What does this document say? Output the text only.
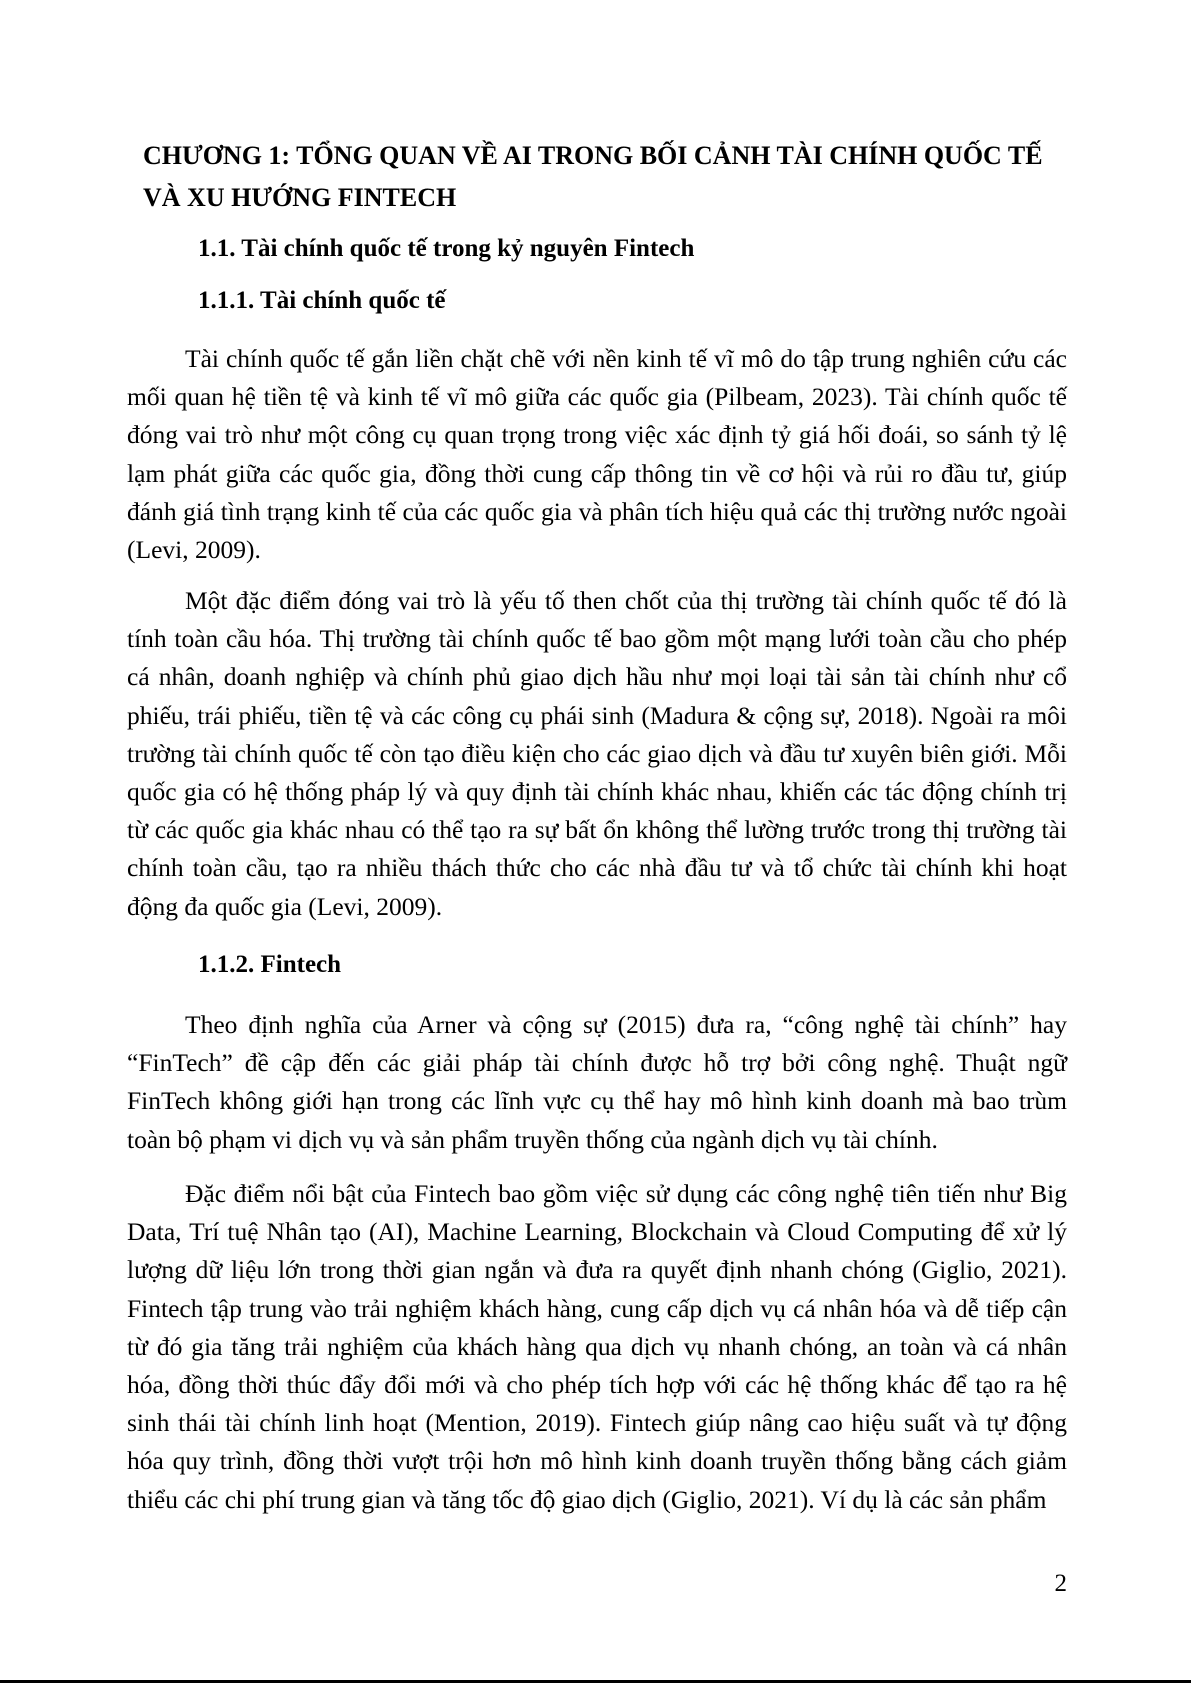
CHƯƠNG 1: TỔNG QUAN VỀ AI TRONG BỐI CẢNH TÀI CHÍNH QUỐC TẾ
VÀ XU HƯỚNG FINTECH
1.1. Tài chính quốc tế trong kỷ nguyên Fintech
1.1.1. Tài chính quốc tế

Tài chính quốc tế gắn liền chặt chẽ với nền kinh tế vĩ mô do tập trung nghiên cứu các mối quan hệ tiền tệ và kinh tế vĩ mô giữa các quốc gia (Pilbeam, 2023). Tài chính quốc tế đóng vai trò như một công cụ quan trọng trong việc xác định tỷ giá hối đoái, so sánh tỷ lệ lạm phát giữa các quốc gia, đồng thời cung cấp thông tin về cơ hội và rủi ro đầu tư, giúp đánh giá tình trạng kinh tế của các quốc gia và phân tích hiệu quả các thị trường nước ngoài (Levi, 2009).

Một đặc điểm đóng vai trò là yếu tố then chốt của thị trường tài chính quốc tế đó là tính toàn cầu hóa. Thị trường tài chính quốc tế bao gồm một mạng lưới toàn cầu cho phép cá nhân, doanh nghiệp và chính phủ giao dịch hầu như mọi loại tài sản tài chính như cổ phiếu, trái phiếu, tiền tệ và các công cụ phái sinh (Madura & cộng sự, 2018). Ngoài ra môi trường tài chính quốc tế còn tạo điều kiện cho các giao dịch và đầu tư xuyên biên giới. Mỗi quốc gia có hệ thống pháp lý và quy định tài chính khác nhau, khiến các tác động chính trị từ các quốc gia khác nhau có thể tạo ra sự bất ổn không thể lường trước trong thị trường tài chính toàn cầu, tạo ra nhiều thách thức cho các nhà đầu tư và tổ chức tài chính khi hoạt động đa quốc gia (Levi, 2009).

1.1.2. Fintech

Theo định nghĩa của Arner và cộng sự (2015) đưa ra, “công nghệ tài chính” hay “FinTech” đề cập đến các giải pháp tài chính được hỗ trợ bởi công nghệ. Thuật ngữ FinTech không giới hạn trong các lĩnh vực cụ thể hay mô hình kinh doanh mà bao trùm toàn bộ phạm vi dịch vụ và sản phẩm truyền thống của ngành dịch vụ tài chính.

Đặc điểm nổi bật của Fintech bao gồm việc sử dụng các công nghệ tiên tiến như Big Data, Trí tuệ Nhân tạo (AI), Machine Learning, Blockchain và Cloud Computing để xử lý lượng dữ liệu lớn trong thời gian ngắn và đưa ra quyết định nhanh chóng (Giglio, 2021). Fintech tập trung vào trải nghiệm khách hàng, cung cấp dịch vụ cá nhân hóa và dễ tiếp cận từ đó gia tăng trải nghiệm của khách hàng qua dịch vụ nhanh chóng, an toàn và cá nhân hóa, đồng thời thúc đẩy đổi mới và cho phép tích hợp với các hệ thống khác để tạo ra hệ sinh thái tài chính linh hoạt (Mention, 2019). Fintech giúp nâng cao hiệu suất và tự động hóa quy trình, đồng thời vượt trội hơn mô hình kinh doanh truyền thống bằng cách giảm thiểu các chi phí trung gian và tăng tốc độ giao dịch (Giglio, 2021). Ví dụ là các sản phẩm

2
